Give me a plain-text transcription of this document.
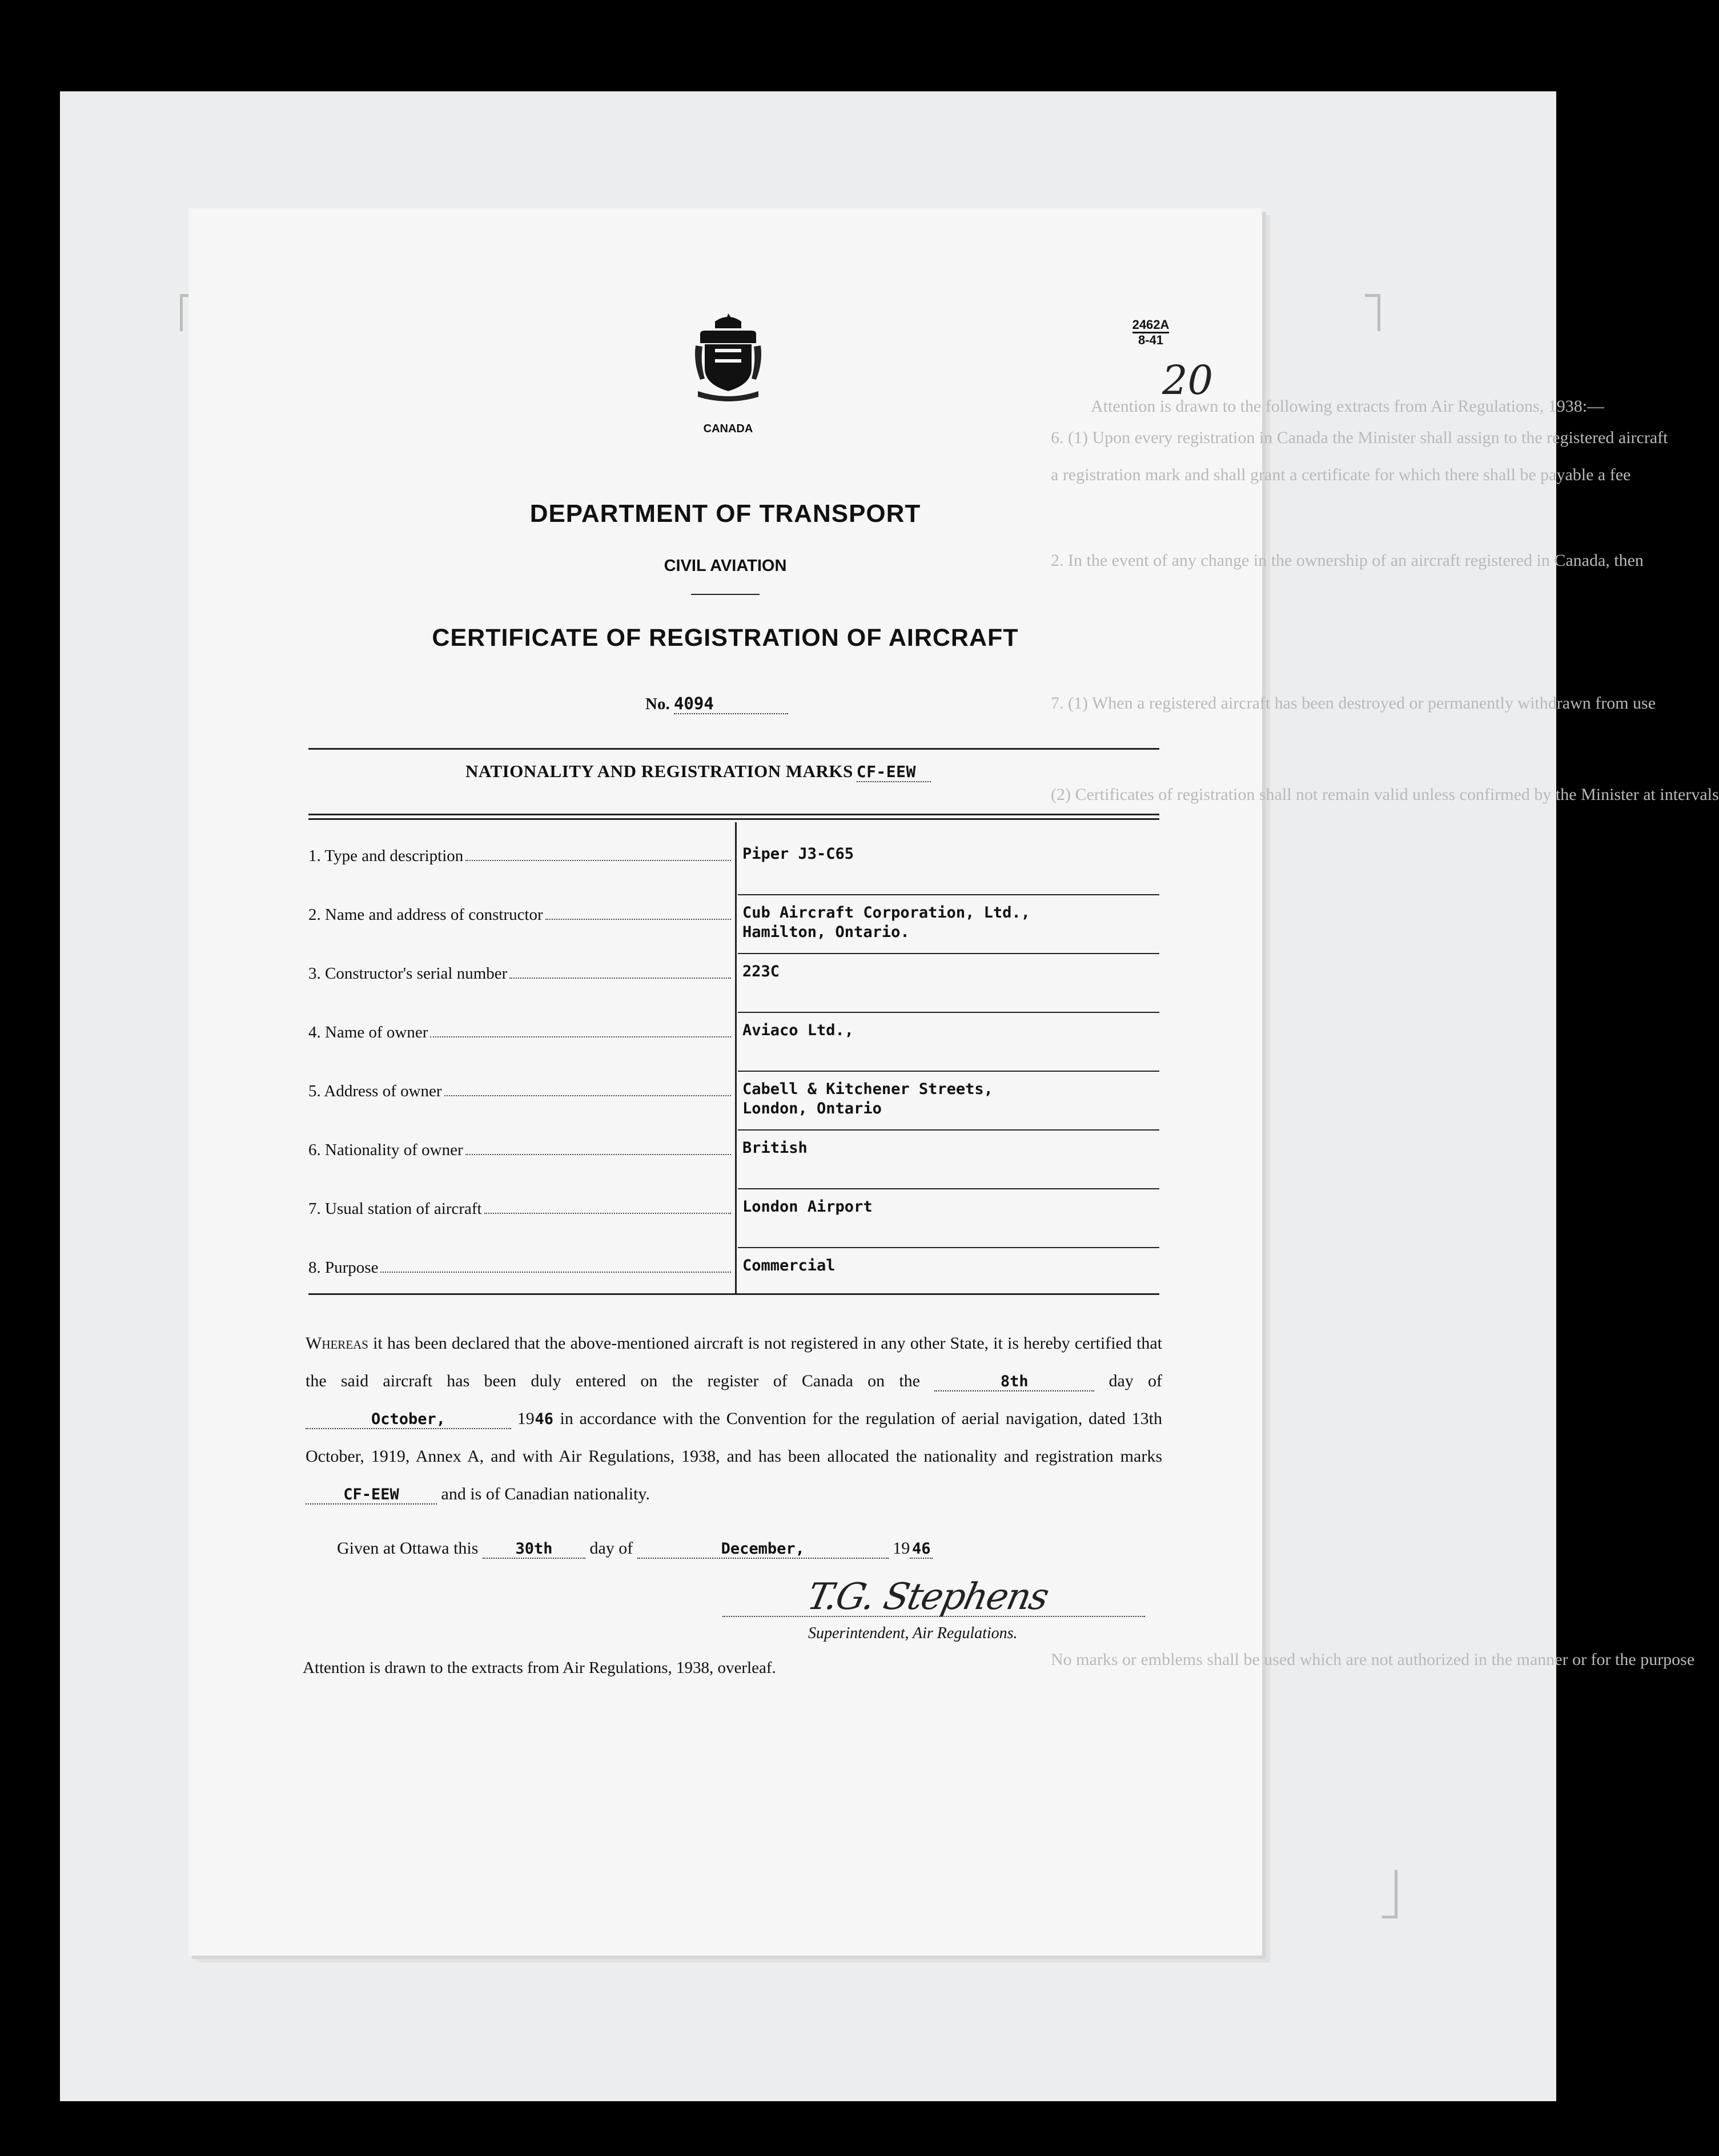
Attention is drawn to the following extracts from Air Regulations, 1938:—
6. (1) Upon every registration in Canada the Minister shall assign to the registered aircraft
a registration mark and shall grant a certificate for which there shall be payable a fee
2. In the event of any change in the ownership of an aircraft registered in Canada, then
7. (1) When a registered aircraft has been destroyed or permanently withdrawn from use
(2) Certificates of registration shall not remain valid unless confirmed by the Minister at intervals
No marks or emblems shall be used which are not authorized in the manner or for the purpose
2462A
8-41
20
CANADA
DEPARTMENT OF TRANSPORT
CIVIL AVIATION
CERTIFICATE OF REGISTRATION OF AIRCRAFT
No. 4094
NATIONALITY AND REGISTRATION MARKS CF-EEW
1. Type and description	Piper J3-C65
2. Name and address of constructor	Cub Aircraft Corporation, Ltd.,
Hamilton, Ontario.
3. Constructor's serial number	223C
4. Name of owner	Aviaco Ltd.,
5. Address of owner	Cabell & Kitchener Streets,
London, Ontario
6. Nationality of owner	British
7. Usual station of aircraft	London Airport
8. Purpose	Commercial
Whereas it has been declared that the above-mentioned aircraft is not registered in any other State, it is hereby certified that the said aircraft has been duly entered on the register of Canada on the	8th	day of October,	1946 in accordance with the Convention for the regulation of aerial navigation, dated 13th October, 1919, Annex A, and with Air Regulations, 1938, and has been allocated the nationality and registration marks CF-EEW and is of Canadian nationality.
Given at Ottawa this 30th day of	December,	19 46
T.G. Stephens
Superintendent, Air Regulations.
Attention is drawn to the extracts from Air Regulations, 1938, overleaf.
